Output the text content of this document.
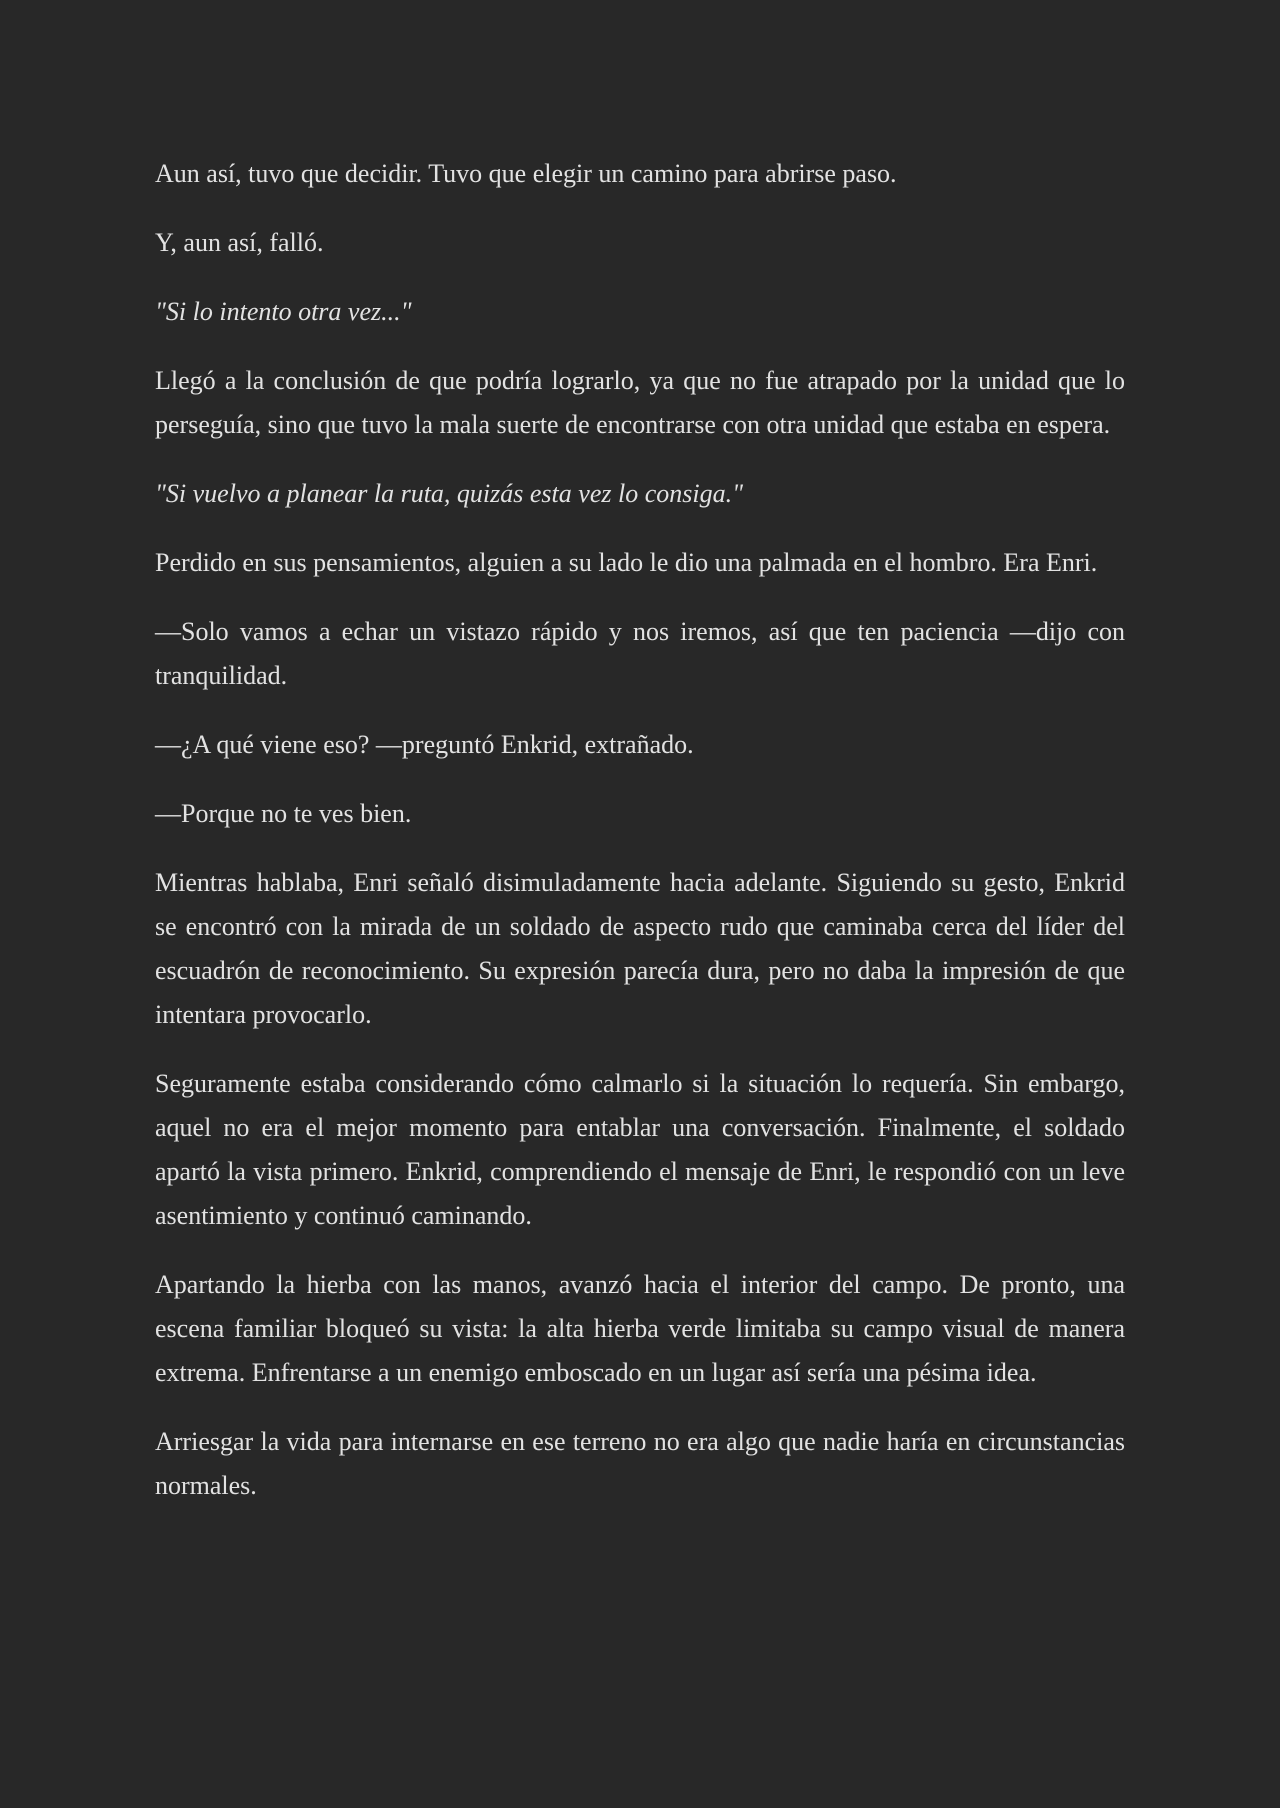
Aun así, tuvo que decidir. Tuvo que elegir un camino para abrirse paso.

Y, aun así, falló.

"Si lo intento otra vez..."

Llegó a la conclusión de que podría lograrlo, ya que no fue atrapado por la unidad que lo perseguía, sino que tuvo la mala suerte de encontrarse con otra unidad que estaba en espera.

"Si vuelvo a planear la ruta, quizás esta vez lo consiga."

Perdido en sus pensamientos, alguien a su lado le dio una palmada en el hombro. Era Enri.

—Solo vamos a echar un vistazo rápido y nos iremos, así que ten paciencia —dijo con tranquilidad.

—¿A qué viene eso? —preguntó Enkrid, extrañado.

—Porque no te ves bien.

Mientras hablaba, Enri señaló disimuladamente hacia adelante. Siguiendo su gesto, Enkrid se encontró con la mirada de un soldado de aspecto rudo que caminaba cerca del líder del escuadrón de reconocimiento. Su expresión parecía dura, pero no daba la impresión de que intentara provocarlo.

Seguramente estaba considerando cómo calmarlo si la situación lo requería. Sin embargo, aquel no era el mejor momento para entablar una conversación. Finalmente, el soldado apartó la vista primero. Enkrid, comprendiendo el mensaje de Enri, le respondió con un leve asentimiento y continuó caminando.

Apartando la hierba con las manos, avanzó hacia el interior del campo. De pronto, una escena familiar bloqueó su vista: la alta hierba verde limitaba su campo visual de manera extrema. Enfrentarse a un enemigo emboscado en un lugar así sería una pésima idea.

Arriesgar la vida para internarse en ese terreno no era algo que nadie haría en circunstancias normales.
